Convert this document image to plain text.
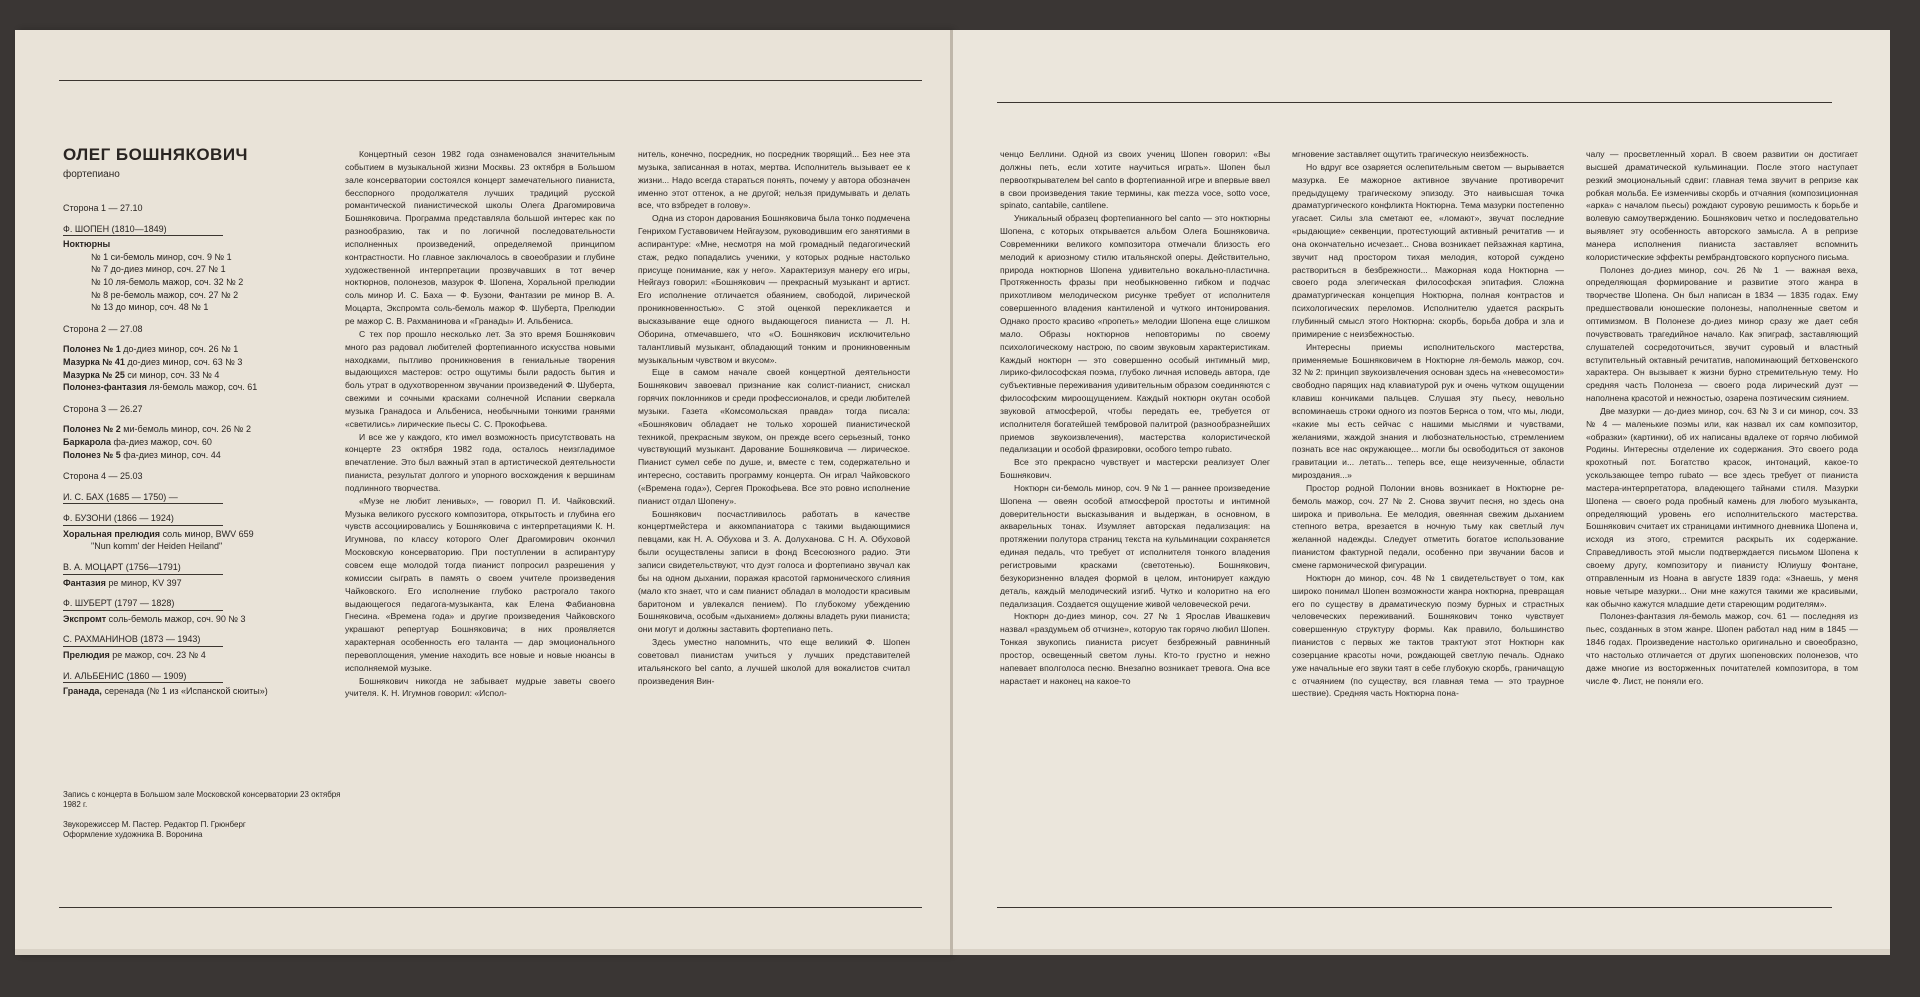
ОЛЕГ БОШНЯКОВИЧ

фортепиано

Сторона 1 — 27.10
Ф. ШОПЕН (1810—1849)
Ноктюрны
№ 1 си-бемоль минор, соч. 9 № 1
№ 7 до-диез минор, соч. 27 № 1
№ 10 ля-бемоль мажор, соч. 32 № 2
№ 8 ре-бемоль мажор, соч. 27 № 2
№ 13 до минор, соч. 48 № 1
Сторона 2 — 27.08
Полонез № 1 до-диез минор, соч. 26 № 1
Мазурка № 41 до-диез минор, соч. 63 № 3
Мазурка № 25 си минор, соч. 33 № 4
Полонез-фантазия ля-бемоль мажор, соч. 61
Сторона 3 — 26.27
Полонез № 2 ми-бемоль минор, соч. 26 № 2
Баркарола фа-диез мажор, соч. 60
Полонез № 5 фа-диез минор, соч. 44
Сторона 4 — 25.03
И. С. БАХ (1685 — 1750) —
Ф. БУЗОНИ (1866 — 1924)
Хоральная прелюдия соль минор, BWV 659
"Nun komm' der Heiden Heiland"
В. А. МОЦАРТ (1756—1791)
Фантазия ре минор, KV 397
Ф. ШУБЕРТ (1797 — 1828)
Экспромт соль-бемоль мажор, соч. 90 № 3
С. РАХМАНИНОВ (1873 — 1943)
Прелюдия ре мажор, соч. 23 № 4
И. АЛЬБЕНИС (1860 — 1909)
Гранада, серенада (№ 1 из «Испанской сюиты»)
Запись с концерта в Большом зале Московской консерватории 23 октября 1982 г.
Звукорежиссер М. Пастер. Редактор П. Грюнберг
Оформление художника В. Воронина

Концертный сезон 1982 года ознаменовался значительным событием в музыкальной жизни Москвы. 23 октября в Большом зале консерватории состоялся концерт замечательного пианиста, бесспорного продолжателя лучших традиций русской романтической пианистической школы Олега Драгомировича Бошняковича. Программа представляла большой интерес как по разнообразию, так и по логичной последовательности исполненных произведений, определяемой принципом контрастности. Но главное заключалось в своеобразии и глубине художественной интерпретации прозвучавших в тот вечер ноктюрнов, полонезов, мазурок Ф. Шопена, Хоральной прелюдии соль минор И. С. Баха — Ф. Бузони, Фантазии ре минор В. А. Моцарта, Экспромта соль-бемоль мажор Ф. Шуберта, Прелюдии ре мажор С. В. Рахманинова и «Гранады» И. Альбениса.

С тех пор прошло несколько лет. За это время Бошнякович много раз радовал любителей фортепианного искусства новыми находками, пытливо проникновения в гениальные творения выдающихся мастеров: остро ощутимы были радость бытия и боль утрат в одухотворенном звучании произведений Ф. Шуберта, свежими и сочными красками солнечной Испании сверкала музыка Гранадоса и Альбениса, необычными тонкими гранями «светились» лирические пьесы С. С. Прокофьева.

И все же у каждого, кто имел возможность присутствовать на концерте 23 октября 1982 года, осталось неизгладимое впечатление. Это был важный этап в артистической деятельности пианиста, результат долгого и упорного восхождения к вершинам подлинного творчества.

«Музе не любит ленивых», — говорил П. И. Чайковский. Музыка великого русского композитора, открытость и глубина его чувств ассоциировались у Бошняковича с интерпретациями К. Н. Игумнова, по классу которого Олег Драгомирович окончил Московскую консерваторию. При поступлении в аспирантуру совсем еще молодой тогда пианист попросил разрешения у комиссии сыграть в память о своем учителе произведения Чайковского. Его исполнение глубоко растрогало такого выдающегося педагога-музыканта, как Елена Фабиановна Гнесина. «Времена года» и другие произведения Чайковского украшают репертуар Бошняковича; в них проявляется характерная особенность его таланта — дар эмоционального перевоплощения, умение находить все новые и новые нюансы в исполняемой музыке.

Бошнякович никогда не забывает мудрые заветы своего учителя. К. Н. Игумнов говорил: «Испол-

нитель, конечно, посредник, но посредник творящий... Без нее эта музыка, записанная в нотах, мертва. Исполнитель вызывает ее к жизни... Надо всегда стараться понять, почему у автора обозначен именно этот оттенок, а не другой; нельзя придумывать и делать все, что взбредет в голову».

Одна из сторон дарования Бошняковича была тонко подмечена Генрихом Густавовичем Нейгаузом, руководившим его занятиями в аспирантуре: «Мне, несмотря на мой громадный педагогический стаж, редко попадались ученики, у которых родные настолько присуще понимание, как у него». Характеризуя манеру его игры, Нейгауз говорил: «Бошнякович — прекрасный музыкант и артист. Его исполнение отличается обаянием, свободой, лирической проникновенностью». С этой оценкой перекликается и высказывание еще одного выдающегося пианиста — Л. Н. Оборина, отмечавшего, что «О. Бошнякович исключительно талантливый музыкант, обладающий тонким и проникновенным музыкальным чувством и вкусом».

Еще в самом начале своей концертной деятельности Бошнякович завоевал признание как солист-пианист, снискал горячих поклонников и среди профессионалов, и среди любителей музыки. Газета «Комсомольская правда» тогда писала: «Бошнякович обладает не только хорошей пианистической техникой, прекрасным звуком, он прежде всего серьезный, тонко чувствующий музыкант. Дарование Бошняковича — лирическое. Пианист сумел себе по душе, и, вместе с тем, содержательно и интересно, составить программу концерта. Он играл Чайковского («Времена года»), Сергея Прокофьева. Все это ровно исполнение пианист отдал Шопену».

Бошнякович посчастливилось работать в качестве концертмейстера и аккомпаниатора с такими выдающимися певцами, как Н. А. Обухова и З. А. Долуханова. С Н. А. Обуховой были осуществлены записи в фонд Всесоюзного радио. Эти записи свидетельствуют, что дуэт голоса и фортепиано звучал как бы на одном дыхании, поражая красотой гармонического слияния (мало кто знает, что и сам пианист обладал в молодости красивым баритоном и увлекался пением). По глубокому убеждению Бошняковича, особым «дыханием» должны владеть руки пианиста; они могут и должны заставить фортепиано петь.

Здесь уместно напомнить, что еще великий Ф. Шопен советовал пианистам учиться у лучших представителей итальянского bel canto, а лучшей школой для вокалистов считал произведения Вин-

ченцо Беллини. Одной из своих учениц Шопен говорил: «Вы должны петь, если хотите научиться играть». Шопен был первооткрывателем bel canto в фортепианной игре и впервые ввел в свои произведения такие термины, как mezza voce, sotto voce, spinato, cantabile, cantilene.

Уникальный образец фортепианного bel canto — это ноктюрны Шопена, с которых открывается альбом Олега Бошняковича. Современники великого композитора отмечали близость его мелодий к ариозному стилю итальянской оперы. Действительно, природа ноктюрнов Шопена удивительно вокально-пластична. Протяженность фразы при необыкновенно гибком и подчас прихотливом мелодическом рисунке требует от исполнителя совершенного владения кантиленой и чуткого интонирования. Однако просто красиво «пропеть» мелодии Шопена еще слишком мало. Образы ноктюрнов неповторимы по своему психологическому настрою, по своим звуковым характеристикам. Каждый ноктюрн — это совершенно особый интимный мир, лирико-философская поэма, глубоко личная исповедь автора, где субъективные переживания удивительным образом соединяются с философским мироощущением. Каждый ноктюрн окутан особой звуковой атмосферой, чтобы передать ее, требуется от исполнителя богатейшей тембровой палитрой (разнообразнейших приемов звукоизвлечения), мастерства колористической педализации и особой фразировки, особого tempo rubato.

Все это прекрасно чувствует и мастерски реализует Олег Бошнякович.

Ноктюрн си-бемоль минор, соч. 9 № 1 — раннее произведение Шопена — овеян особой атмосферой простоты и интимной доверительности высказывания и выдержан, в основном, в акварельных тонах. Изумляет авторская педализация: на протяжении полутора страниц текста на кульминации сохраняется единая педаль, что требует от исполнителя тонкого владения регистровыми красками (светотенью). Бошнякович, безукоризненно владея формой в целом, интонирует каждую деталь, каждый мелодический изгиб. Чутко и колоритно на его педализация. Создается ощущение живой человеческой речи.

Ноктюрн до-диез минор, соч. 27 № 1 Ярослав Ивашкевич назвал «раздумьем об отчизне», которую так горячо любил Шопен. Тонкая звукопись пианиста рисует безбрежный равнинный простор, освещенный светом луны. Кто-то грустно и нежно напевает вполголоса песню. Внезапно возникает тревога. Она все нарастает и наконец на какое-то

мгновение заставляет ощутить трагическую неизбежность.

Но вдруг все озаряется ослепительным светом — вырывается мазурка. Ее мажорное активное звучание противоречит предыдущему трагическому эпизоду. Это наивысшая точка драматургического конфликта Ноктюрна. Тема мазурки постепенно угасает. Силы зла сметают ее, «ломают», звучат последние «рыдающие» секвенции, протестующий активный речитатив — и она окончательно исчезает... Снова возникает пейзажная картина, звучит над простором тихая мелодия, которой суждено раствориться в безбрежности... Мажорная кода Ноктюрна — своего рода элегическая философская эпитафия. Сложна драматургическая концепция Ноктюрна, полная контрастов и психологических переломов. Исполнителю удается раскрыть глубинный смысл этого Ноктюрна: скорбь, борьба добра и зла и примирение с неизбежностью.

Интересны приемы исполнительского мастерства, применяемые Бошняковичем в Ноктюрне ля-бемоль мажор, соч. 32 № 2: принцип звукоизвлечения основан здесь на «невесомости» свободно парящих над клавиатурой рук и очень чутком ощущении клавиш кончиками пальцев. Слушая эту пьесу, невольно вспоминаешь строки одного из поэтов Бернса о том, что мы, люди, «какие мы есть сейчас с нашими мыслями и чувствами, желаниями, жаждой знания и любознательностью, стремлением познать все нас окружающее... могли бы освободиться от законов гравитации и... летать... теперь все, еще неизученные, области мироздания...»

Простор родной Полонии вновь возникает в Ноктюрне ре-бемоль мажор, соч. 27 № 2. Снова звучит песня, но здесь она широка и привольна. Ее мелодия, овеянная свежим дыханием степного ветра, врезается в ночную тьму как светлый луч желанной надежды. Следует отметить богатое использование пианистом фактурной педали, особенно при звучании басов и смене гармонической фигурации.

Ноктюрн до минор, соч. 48 № 1 свидетельствует о том, как широко понимал Шопен возможности жанра ноктюрна, превращая его по существу в драматическую поэму бурных и страстных человеческих переживаний. Бошнякович тонко чувствует совершенную структуру формы. Как правило, большинство пианистов с первых же тактов трактуют этот Ноктюрн как созерцание красоты ночи, рождающей светлую печаль. Однако уже начальные его звуки таят в себе глубокую скорбь, граничащую с отчаянием (по существу, вся главная тема — это траурное шествие). Средняя часть Ноктюрна пона-

чалу — просветленный хорал. В своем развитии он достигает высшей драматической кульминации. После этого наступает резкий эмоциональный сдвиг: главная тема звучит в репризе как робкая мольба. Ее изменчивы скорбь и отчаяния (композиционная «арка» с началом пьесы) рождают суровую решимость к борьбе и волевую самоутверждению. Бошнякович четко и последовательно выявляет эту особенность авторского замысла. А в репризе манера исполнения пианиста заставляет вспомнить колористические эффекты рембрандтовского корпусного письма.

Полонез до-диез минор, соч. 26 № 1 — важная веха, определяющая формирование и развитие этого жанра в творчестве Шопена. Он был написан в 1834 — 1835 годах. Ему предшествовали юношеские полонезы, наполненные светом и оптимизмом. В Полонезе до-диез минор сразу же дает себя почувствовать трагедийное начало. Как эпиграф, заставляющий слушателей сосредоточиться, звучит суровый и властный вступительный октавный речитатив, напоминающий бетховенского характера. Он вызывает к жизни бурно стремительную тему. Но средняя часть Полонеза — своего рода лирический дуэт — наполнена красотой и нежностью, озарена поэтическим сиянием.

Две мазурки — до-диез минор, соч. 63 № 3 и си минор, соч. 33 № 4 — маленькие поэмы или, как назвал их сам композитор, «образки» (картинки), об их написаны вдалеке от горячо любимой Родины. Интересны отделение их содержания. Это своего рода крохотный пот. Богатство красок, интонаций, какое-то ускользающее tempo rubato — все здесь требует от пианиста мастера-интерпретатора, владеющего тайнами стиля. Мазурки Шопена — своего рода пробный камень для любого музыканта, определяющий уровень его исполнительского мастерства. Бошнякович считает их страницами интимного дневника Шопена и, исходя из этого, стремится раскрыть их содержание. Справедливость этой мысли подтверждается письмом Шопена к своему другу, композитору и пианисту Юлиушу Фонтане, отправленным из Ноана в августе 1839 года: «Знаешь, у меня новые четыре мазурки... Они мне кажутся такими же красивыми, как обычно кажутся младшие дети стареющим родителям».

Полонез-фантазия ля-бемоль мажор, соч. 61 — последняя из пьес, созданных в этом жанре. Шопен работал над ним в 1845 — 1846 годах. Произведение настолько оригинально и своеобразно, что настолько отличается от других шопеновских полонезов, что даже многие из восторженных почитателей композитора, в том числе Ф. Лист, не поняли его.
